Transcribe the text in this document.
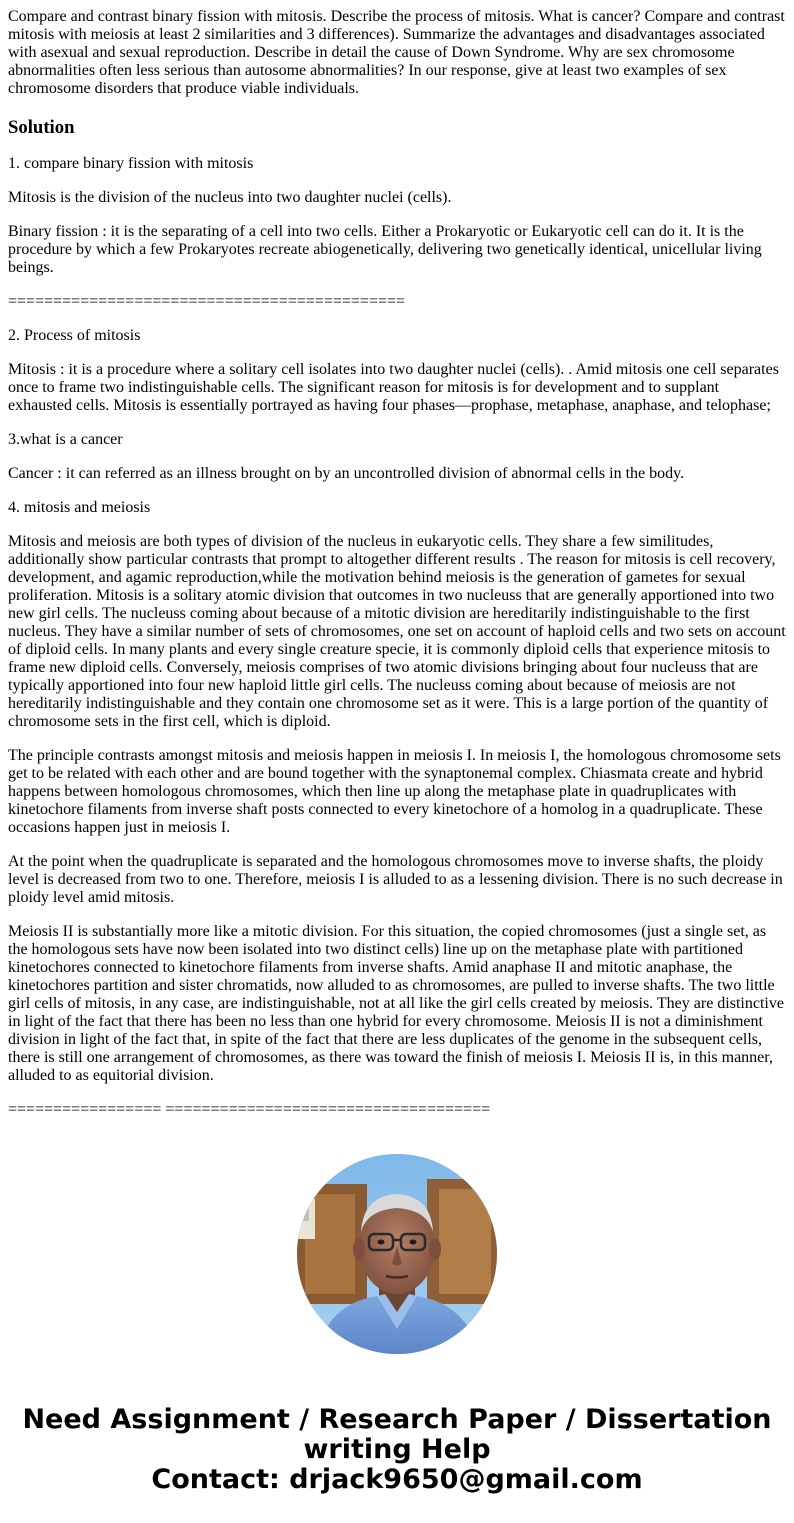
Compare and contrast binary fission with mitosis. Describe the process of mitosis. What is cancer? Compare and contrast mitosis with meiosis at least 2 similarities and 3 differences). Summarize the advantages and disadvantages associated with asexual and sexual reproduction. Describe in detail the cause of Down Syndrome. Why are sex chromosome abnormalities often less serious than autosome abnormalities? In our response, give at least two examples of sex chromosome disorders that produce viable individuals.

Solution

1. compare binary fission with mitosis

Mitosis is the division of the nucleus into two daughter nuclei (cells).

Binary fission : it is the separating of a cell into two cells. Either a Prokaryotic or Eukaryotic cell can do it. It is the procedure by which a few Prokaryotes recreate abiogenetically, delivering two genetically identical, unicellular living beings.

============================================

2. Process of mitosis

Mitosis : it is a procedure where a solitary cell isolates into two daughter nuclei (cells). . Amid mitosis one cell separates once to frame two indistinguishable cells. The significant reason for mitosis is for development and to supplant exhausted cells. Mitosis is essentially portrayed as having four phases—prophase, metaphase, anaphase, and telophase;

3.what is a cancer

Cancer : it can referred as an illness brought on by an uncontrolled division of abnormal cells in the body.

4. mitosis and meiosis

Mitosis and meiosis are both types of division of the nucleus in eukaryotic cells. They share a few similitudes, additionally show particular contrasts that prompt to altogether different results . The reason for mitosis is cell recovery, development, and agamic reproduction,while the motivation behind meiosis is the generation of gametes for sexual proliferation. Mitosis is a solitary atomic division that outcomes in two nucleuss that are generally apportioned into two new girl cells. The nucleuss coming about because of a mitotic division are hereditarily indistinguishable to the first nucleus. They have a similar number of sets of chromosomes, one set on account of haploid cells and two sets on account of diploid cells. In many plants and every single creature specie, it is commonly diploid cells that experience mitosis to frame new diploid cells. Conversely, meiosis comprises of two atomic divisions bringing about four nucleuss that are typically apportioned into four new haploid little girl cells. The nucleuss coming about because of meiosis are not hereditarily indistinguishable and they contain one chromosome set as it were. This is a large portion of the quantity of chromosome sets in the first cell, which is diploid.

The principle contrasts amongst mitosis and meiosis happen in meiosis I. In meiosis I, the homologous chromosome sets get to be related with each other and are bound together with the synaptonemal complex. Chiasmata create and hybrid happens between homologous chromosomes, which then line up along the metaphase plate in quadruplicates with kinetochore filaments from inverse shaft posts connected to every kinetochore of a homolog in a quadruplicate. These occasions happen just in meiosis I.

At the point when the quadruplicate is separated and the homologous chromosomes move to inverse shafts, the ploidy level is decreased from two to one. Therefore, meiosis I is alluded to as a lessening division. There is no such decrease in ploidy level amid mitosis.

Meiosis II is substantially more like a mitotic division. For this situation, the copied chromosomes (just a single set, as the homologous sets have now been isolated into two distinct cells) line up on the metaphase plate with partitioned kinetochores connected to kinetochore filaments from inverse shafts. Amid anaphase II and mitotic anaphase, the kinetochores partition and sister chromatids, now alluded to as chromosomes, are pulled to inverse shafts. The two little girl cells of mitosis, in any case, are indistinguishable, not at all like the girl cells created by meiosis. They are distinctive in light of the fact that there has been no less than one hybrid for every chromosome. Meiosis II is not a diminishment division in light of the fact that, in spite of the fact that there are less duplicates of the genome in the subsequent cells, there is still one arrangement of chromosomes, as there was toward the finish of meiosis I. Meiosis II is, in this manner, alluded to as equitorial division.

================= ====================================

Need Assignment / Research Paper / Dissertation
writing Help
Contact: drjack9650@gmail.com
